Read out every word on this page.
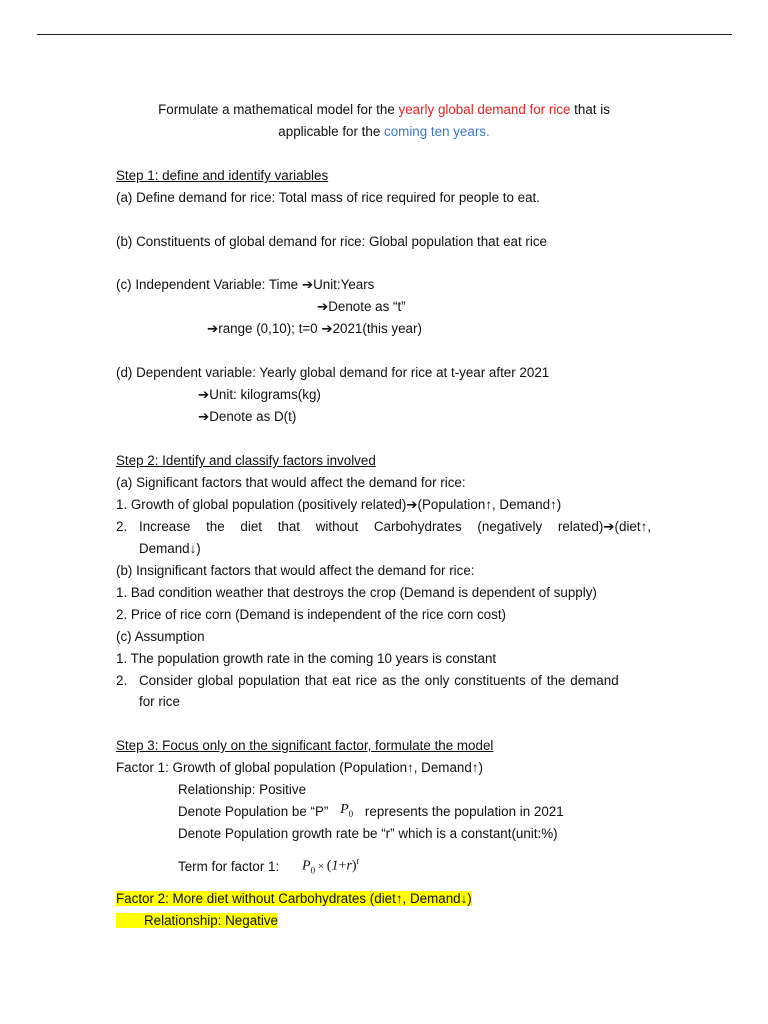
Formulate a mathematical model for the yearly global demand for rice that is
applicable for the coming ten years.
Step 1: define and identify variables
(a) Define demand for rice: Total mass of rice required for people to eat.
(b) Constituents of global demand for rice: Global population that eat rice
(c) Independent Variable: Time ➔Unit:Years
➔Denote as “t”
➔range (0,10); t=0 ➔2021(this year)
(d) Dependent variable: Yearly global demand for rice at t-year after 2021
➔Unit: kilograms(kg)
➔Denote as D(t)
Step 2: Identify and classify factors involved
(a) Significant factors that would affect the demand for rice:
1. Growth of global population (positively related)➔(Population↑, Demand↑)
2. Increase the diet that without Carbohydrates (negatively related)➔(diet↑,
Demand↓)
(b) Insignificant factors that would affect the demand for rice:
1. Bad condition weather that destroys the crop (Demand is dependent of supply)
2. Price of rice corn (Demand is independent of the rice corn cost)
(c) Assumption
1. The population growth rate in the coming 10 years is constant
2. Consider global population that eat rice as the only constituents of the demand
for rice
Step 3: Focus only on the significant factor, formulate the model
Factor 1: Growth of global population (Population↑, Demand↑)
Relationship: Positive
Denote Population be “P” $P_0$ represents the population in 2021
Denote Population growth rate be “r” which is a constant(unit:%)
Term for factor 1: $P_0 \times (1+r)^t$
Factor 2: More diet without Carbohydrates (diet↑, Demand↓)
Relationship: Negative
